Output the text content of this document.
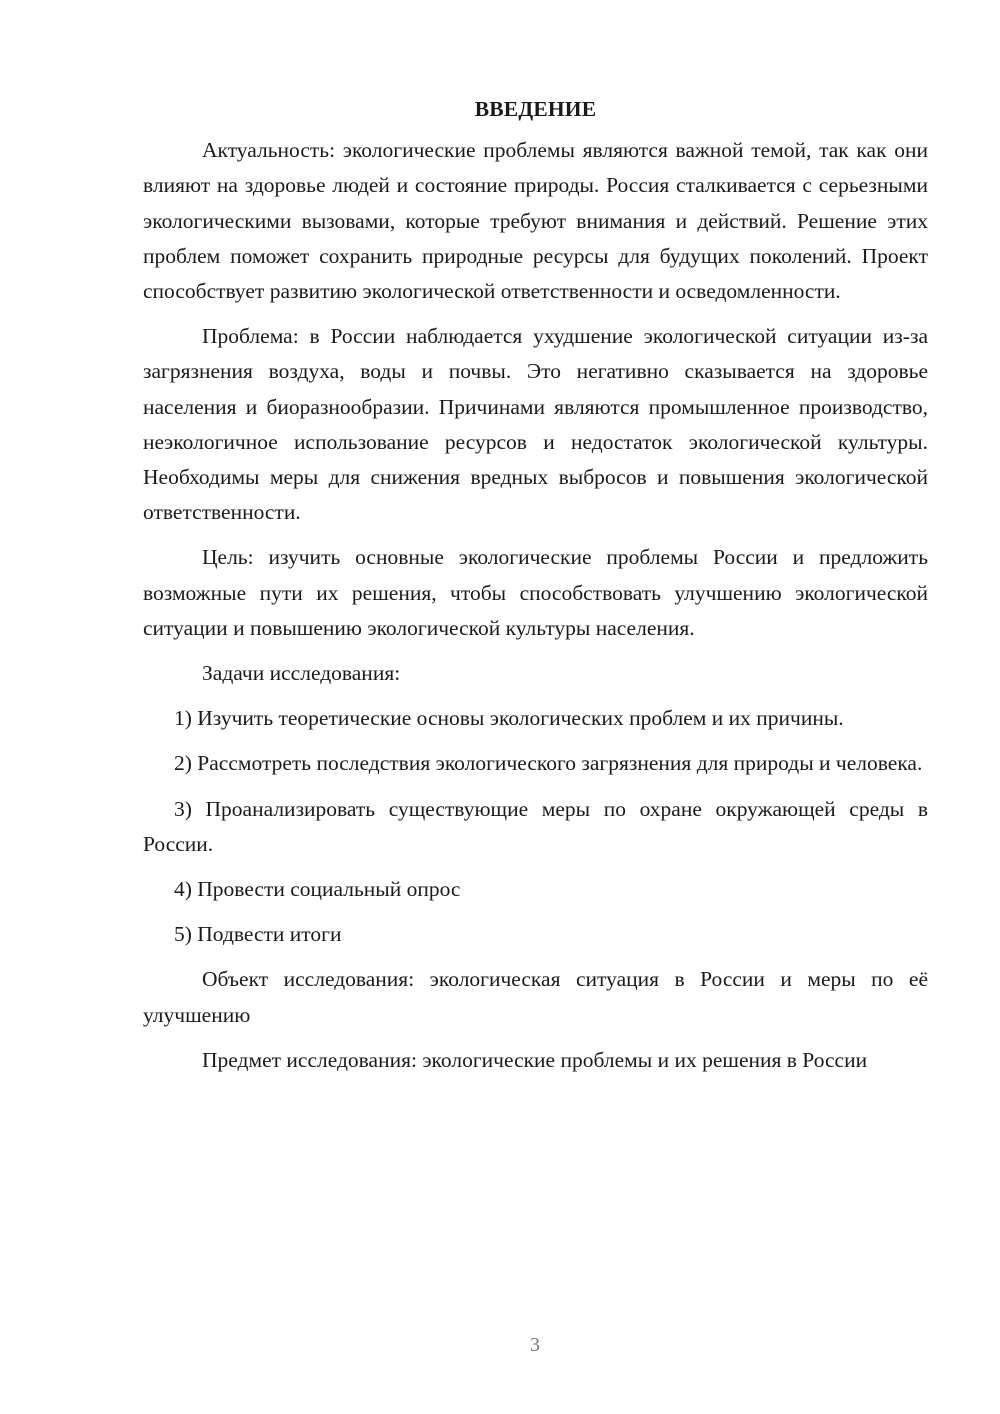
ВВЕДЕНИЕ

Актуальность: экологические проблемы являются важной темой, так как они влияют на здоровье людей и состояние природы. Россия сталкивается с серьезными экологическими вызовами, которые требуют внимания и действий. Решение этих проблем поможет сохранить природные ресурсы для будущих поколений. Проект способствует развитию экологической ответственности и осведомленности.

Проблема: в России наблюдается ухудшение экологической ситуации из-за загрязнения воздуха, воды и почвы. Это негативно сказывается на здоровье населения и биоразнообразии. Причинами являются промышленное производство, неэкологичное использование ресурсов и недостаток экологической культуры. Необходимы меры для снижения вредных выбросов и повышения экологической ответственности.

Цель: изучить основные экологические проблемы России и предложить возможные пути их решения, чтобы способствовать улучшению экологической ситуации и повышению экологической культуры населения.

Задачи исследования:

1) Изучить теоретические основы экологических проблем и их причины.

2) Рассмотреть последствия экологического загрязнения для природы и человека.

3) Проанализировать существующие меры по охране окружающей среды в России.

4) Провести социальный опрос

5) Подвести итоги

Объект исследования: экологическая ситуация в России и меры по её улучшению

Предмет исследования: экологические проблемы и их решения в России

3
